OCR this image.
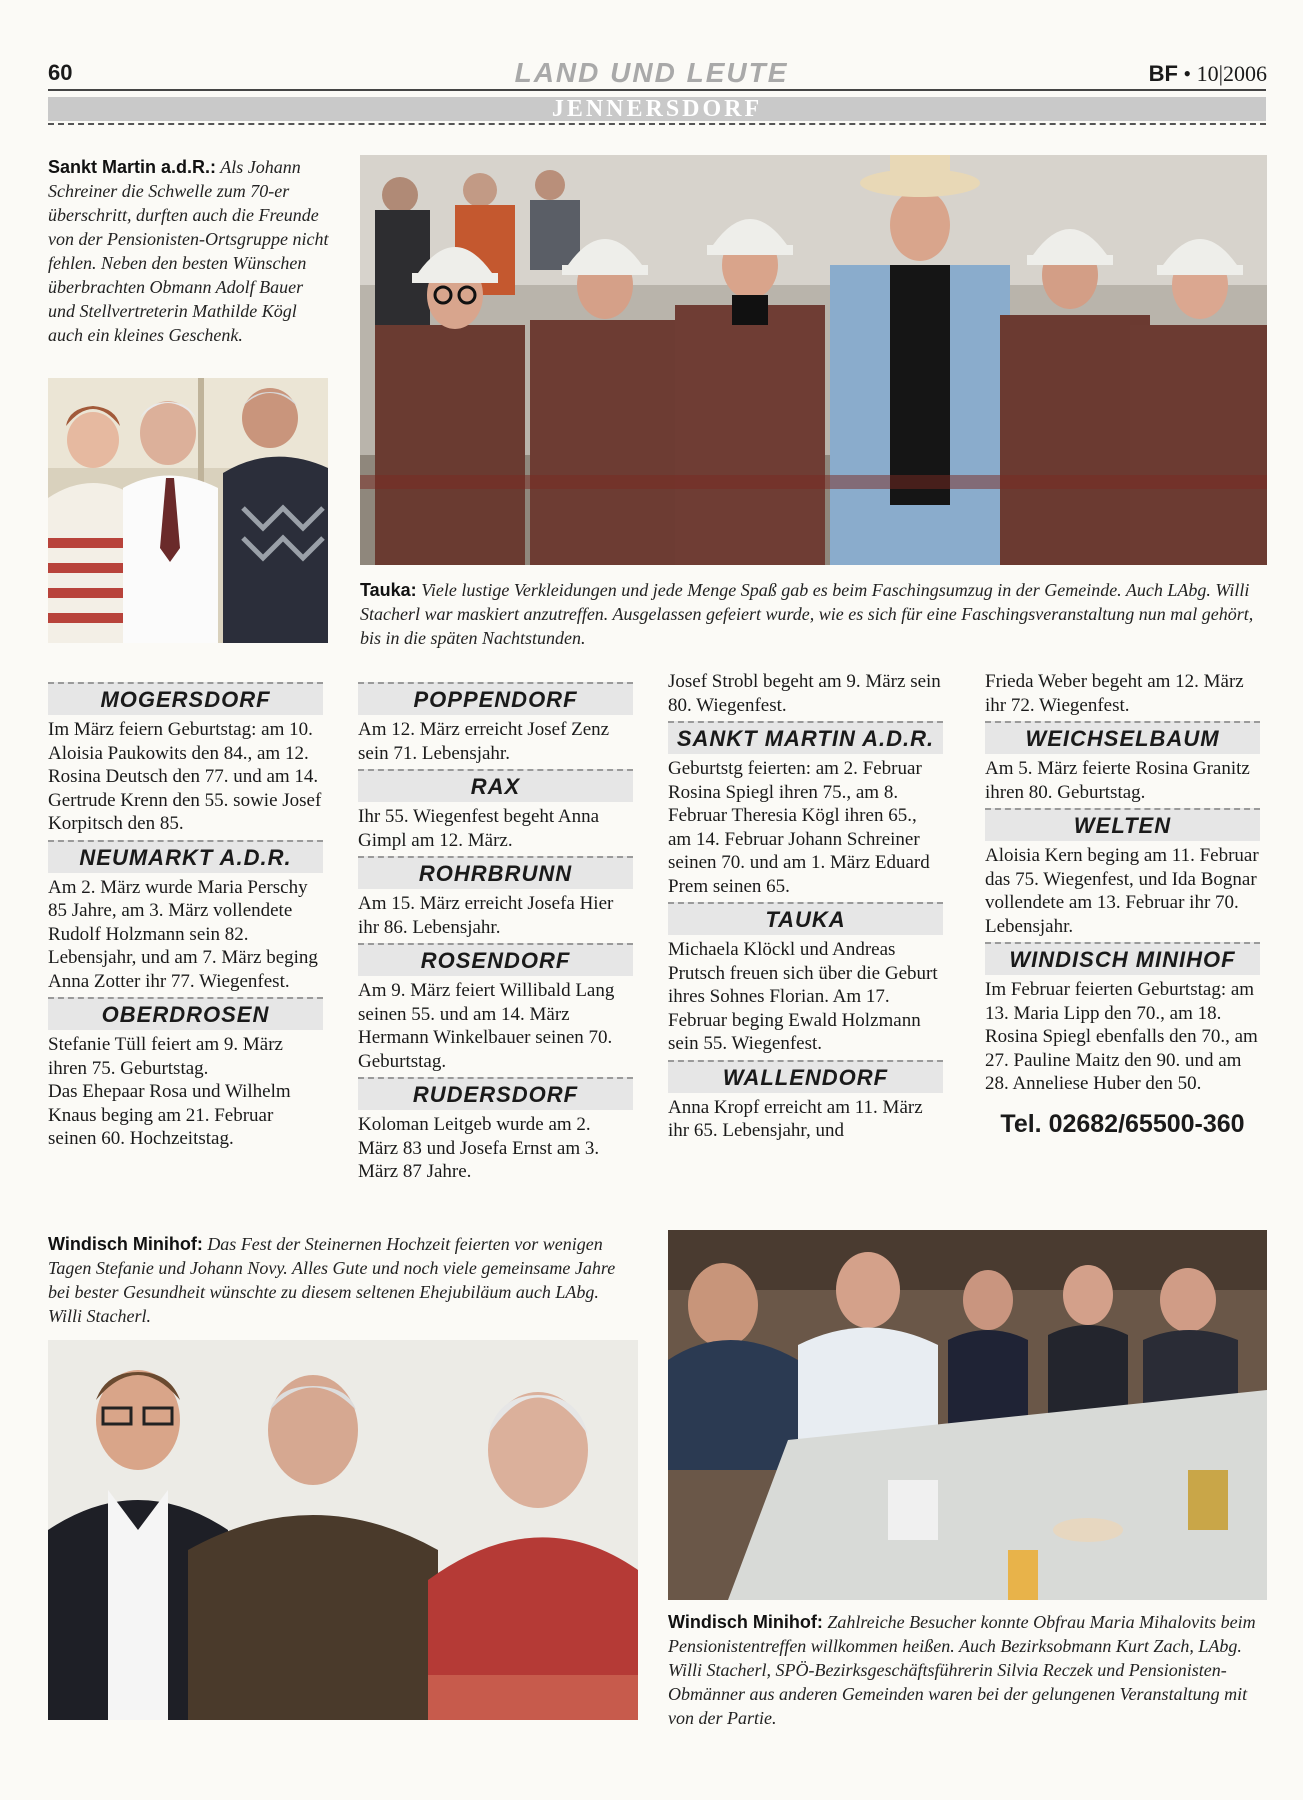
60	LAND UND LEUTE	BF • 10|2006
JENNERSDORF
Sankt Martin a.d.R.: Als Johann Schreiner die Schwelle zum 70-er überschritt, durften auch die Freunde von der Pensionisten-Ortsgruppe nicht fehlen. Neben den besten Wünschen überbrachten Obmann Adolf Bauer und Stellvertreterin Mathilde Kögl auch ein kleines Geschenk.
Tauka: Viele lustige Verkleidungen und jede Menge Spaß gab es beim Faschingsumzug in der Gemeinde. Auch LAbg. Willi Stacherl war maskiert anzutreffen. Ausgelassen gefeiert wurde, wie es sich für eine Faschingsveranstaltung nun mal gehört, bis in die späten Nachtstunden.
MOGERSDORF

Im März feiern Geburtstag: am 10. Aloisia Paukowits den 84., am 12. Rosina Deutsch den 77. und am 14. Gertrude Krenn den 55. sowie Josef Korpitsch den 85.

NEUMARKT A.D.R.

Am 2. März wurde Maria Perschy 85 Jahre, am 3. März vollendete Rudolf Holzmann sein 82. Lebensjahr, und am 7. März beging Anna Zotter ihr 77. Wiegenfest.

OBERDROSEN

Stefanie Tüll feiert am 9. März ihren 75. Geburtstag.

Das Ehepaar Rosa und Wilhelm Knaus beging am 21. Februar seinen 60. Hochzeitstag.

POPPENDORF

Am 12. März erreicht Josef Zenz sein 71. Lebensjahr.

RAX

Ihr 55. Wiegenfest begeht Anna Gimpl am 12. März.

ROHRBRUNN

Am 15. März erreicht Josefa Hier ihr 86. Lebensjahr.

ROSENDORF

Am 9. März feiert Willibald Lang seinen 55. und am 14. März Hermann Winkelbauer seinen 70. Geburtstag.

RUDERSDORF

Koloman Leitgeb wurde am 2. März 83 und Josefa Ernst am 3. März 87 Jahre.

Josef Strobl begeht am 9. März sein 80. Wiegenfest.

SANKT MARTIN A.D.R.

Geburtstg feierten: am 2. Februar Rosina Spiegl ihren 75., am 8. Februar Theresia Kögl ihren 65., am 14. Februar Johann Schreiner seinen 70. und am 1. März Eduard Prem seinen 65.

TAUKA

Michaela Klöckl und Andreas Prutsch freuen sich über die Geburt ihres Sohnes Florian. Am 17. Februar beging Ewald Holzmann sein 55. Wiegenfest.

WALLENDORF

Anna Kropf erreicht am 11. März ihr 65. Lebensjahr, und

Frieda Weber begeht am 12. März ihr 72. Wiegenfest.

WEICHSELBAUM

Am 5. März feierte Rosina Granitz ihren 80. Geburtstag.

WELTEN

Aloisia Kern beging am 11. Februar das 75. Wiegenfest, und Ida Bognar vollendete am 13. Februar ihr 70. Lebensjahr.

WINDISCH MINIHOF

Im Februar feierten Geburtstag: am 13. Maria Lipp den 70., am 18. Rosina Spiegl ebenfalls den 70., am 27. Pauline Maitz den 90. und am 28. Anneliese Huber den 50.

Tel. 02682/65500-360
Windisch Minihof: Das Fest der Steinernen Hochzeit feierten vor wenigen Tagen Stefanie und Johann Novy. Alles Gute und noch viele gemeinsame Jahre bei bester Gesundheit wünschte zu diesem seltenen Ehejubiläum auch LAbg. Willi Stacherl.
Windisch Minihof: Zahlreiche Besucher konnte Obfrau Maria Mihalovits beim Pensionistentreffen willkommen heißen. Auch Bezirksobmann Kurt Zach, LAbg. Willi Stacherl, SPÖ-Bezirksgeschäftsführerin Silvia Reczek und Pensionisten-Obmänner aus anderen Gemeinden waren bei der gelungenen Veranstaltung mit von der Partie.
